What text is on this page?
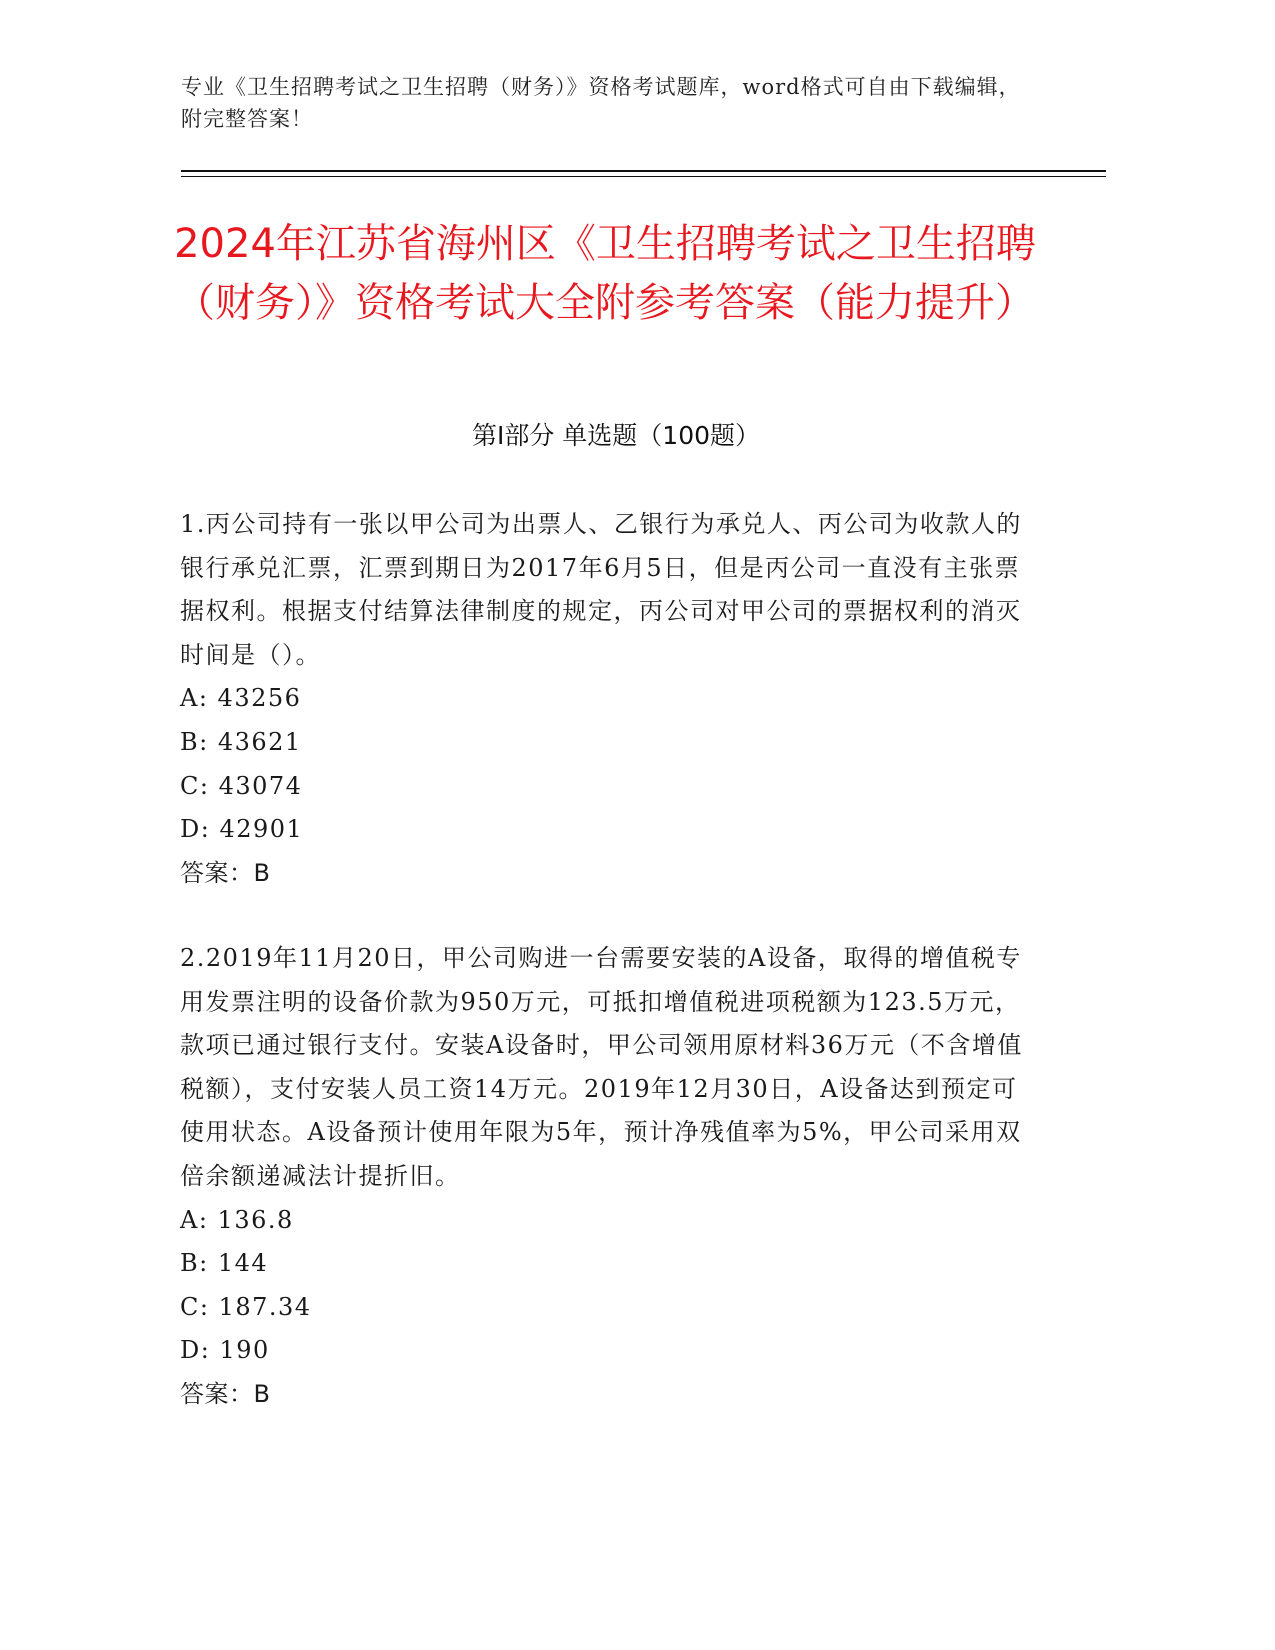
专业《卫生招聘考试之卫生招聘（财务）》资格考试题库，word格式可自由下载编辑，附完整答案！
2024年江苏省海州区《卫生招聘考试之卫生招聘（财务）》资格考试大全附参考答案（能力提升）
第I部分 单选题（100题）

1.丙公司持有一张以甲公司为出票人、乙银行为承兑人、丙公司为收款人的银行承兑汇票，汇票到期日为2017年6月5日，但是丙公司一直没有主张票据权利。根据支付结算法律制度的规定，丙公司对甲公司的票据权利的消灭时间是（）。

A: 43256

B: 43621

C: 43074

D: 42901

答案：B

2.2019年11月20日，甲公司购进一台需要安装的A设备，取得的增值税专用发票注明的设备价款为950万元，可抵扣增值税进项税额为123.5万元，款项已通过银行支付。安装A设备时，甲公司领用原材料36万元（不含增值税额），支付安装人员工资14万元。2019年12月30日，A设备达到预定可使用状态。A设备预计使用年限为5年，预计净残值率为5%，甲公司采用双倍余额递减法计提折旧。

A: 136.8

B: 144

C: 187.34

D: 190

答案：B
